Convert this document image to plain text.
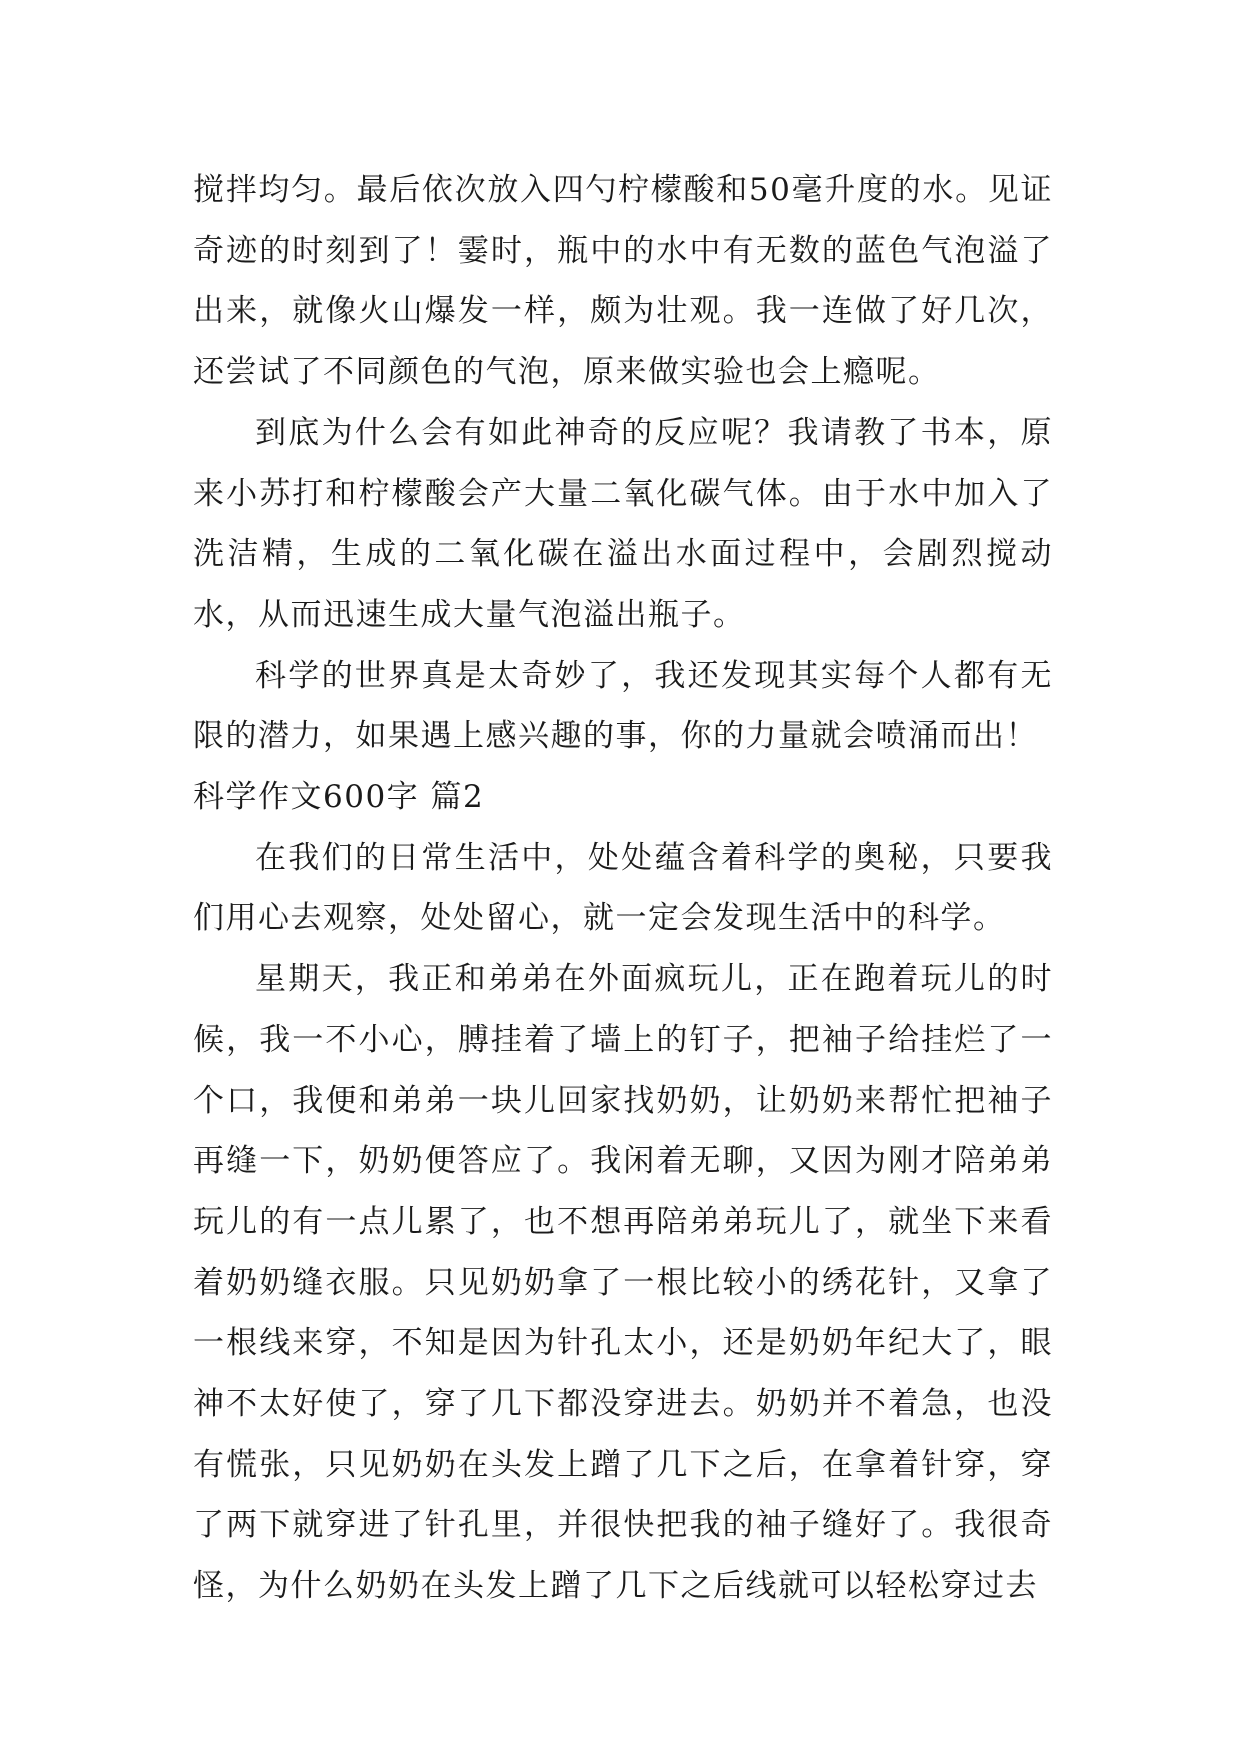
搅拌均匀。最后依次放入四勺柠檬酸和50毫升度的水。见证奇迹的时刻到了！霎时，瓶中的水中有无数的蓝色气泡溢了出来，就像火山爆发一样，颇为壮观。我一连做了好几次，还尝试了不同颜色的气泡，原来做实验也会上瘾呢。

到底为什么会有如此神奇的反应呢？我请教了书本，原来小苏打和柠檬酸会产大量二氧化碳气体。由于水中加入了洗洁精，生成的二氧化碳在溢出水面过程中，会剧烈搅动水，从而迅速生成大量气泡溢出瓶子。

科学的世界真是太奇妙了，我还发现其实每个人都有无限的潜力，如果遇上感兴趣的事，你的力量就会喷涌而出！

科学作文600字 篇2

在我们的日常生活中，处处蕴含着科学的奥秘，只要我们用心去观察，处处留心，就一定会发现生活中的科学。

星期天，我正和弟弟在外面疯玩儿，正在跑着玩儿的时候，我一不小心，膊挂着了墙上的钉子，把袖子给挂烂了一个口，我便和弟弟一块儿回家找奶奶，让奶奶来帮忙把袖子再缝一下，奶奶便答应了。我闲着无聊，又因为刚才陪弟弟玩儿的有一点儿累了，也不想再陪弟弟玩儿了，就坐下来看着奶奶缝衣服。只见奶奶拿了一根比较小的绣花针，又拿了一根线来穿，不知是因为针孔太小，还是奶奶年纪大了，眼神不太好使了，穿了几下都没穿进去。奶奶并不着急，也没有慌张，只见奶奶在头发上蹭了几下之后，在拿着针穿，穿了两下就穿进了针孔里，并很快把我的袖子缝好了。我很奇怪，为什么奶奶在头发上蹭了几下之后线就可以轻松穿过去
